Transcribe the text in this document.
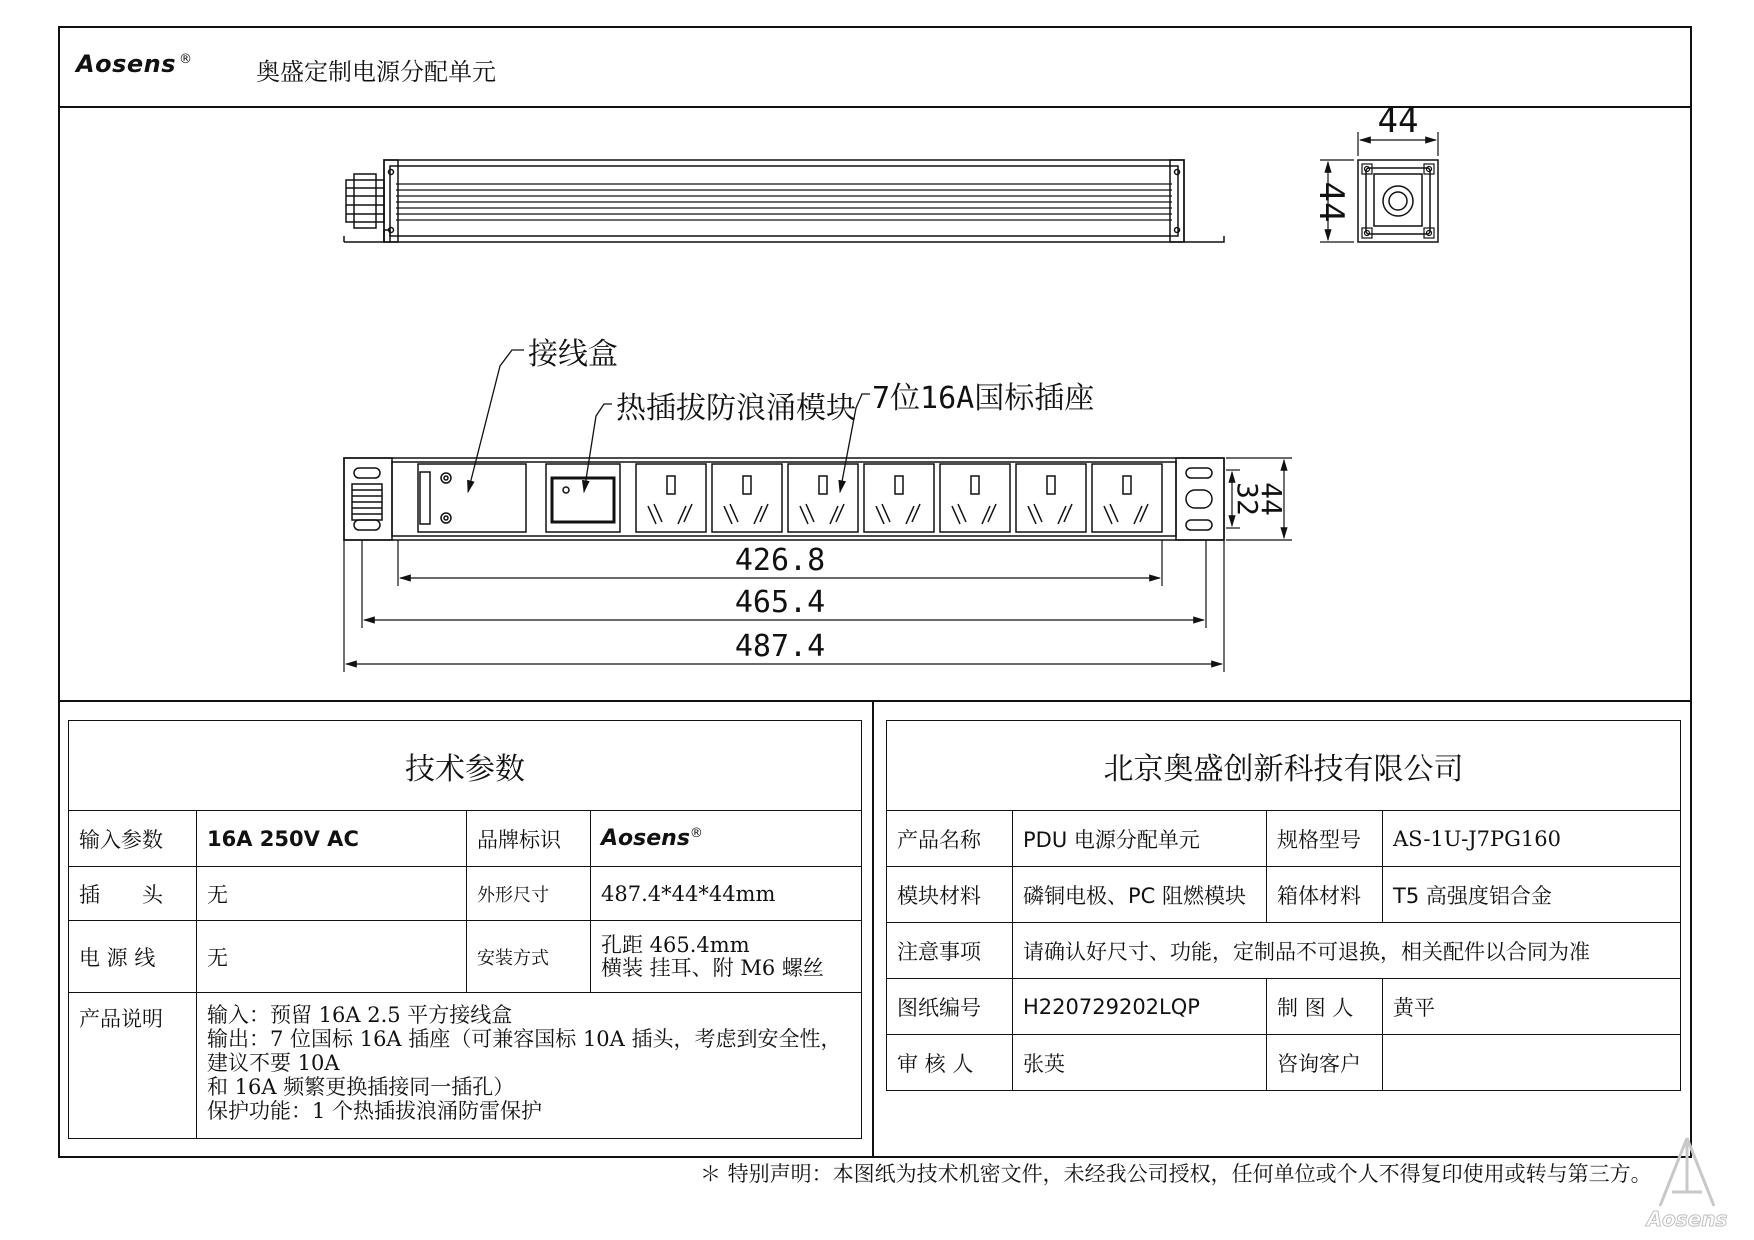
Aosens ®	奥盛定制电源分配单元
44
44
接线盒
热插拔防浪涌模块 7位16A国标插座
32
44
426.8
465.4
487.4
技术参数			
输入参数	16A 250V AC	品牌标识	Aosens®
插　　头	无	外形尺寸	487.4*44*44mm
电 源 线	无	安装方式	孔距 465.4mm
横装 挂耳、附 M6 螺丝

产品说明	输入：预留 16A 2.5 平方接线盒
输出：7 位国标 16A 插座（可兼容国标 10A 插头，考虑到安全性，建议不要 10A
和 16A 频繁更换插接同一插孔）
保护功能：1 个热插拔浪涌防雷保护		
北京奥盛创新科技有限公司			
产品名称	PDU 电源分配单元	规格型号	AS-1U-J7PG160
模块材料	磷铜电极、PC 阻燃模块	箱体材料	T5 高强度铝合金
注意事项	请确认好尺寸、功能，定制品不可退换，相关配件以合同为准		
图纸编号	H220729202LQP	制 图 人	黄平
审 核 人	张英	咨询客户	
＊ 特别声明：本图纸为技术机密文件，未经我公司授权，任何单位或个人不得复印使用或转与第三方。
Aosens
